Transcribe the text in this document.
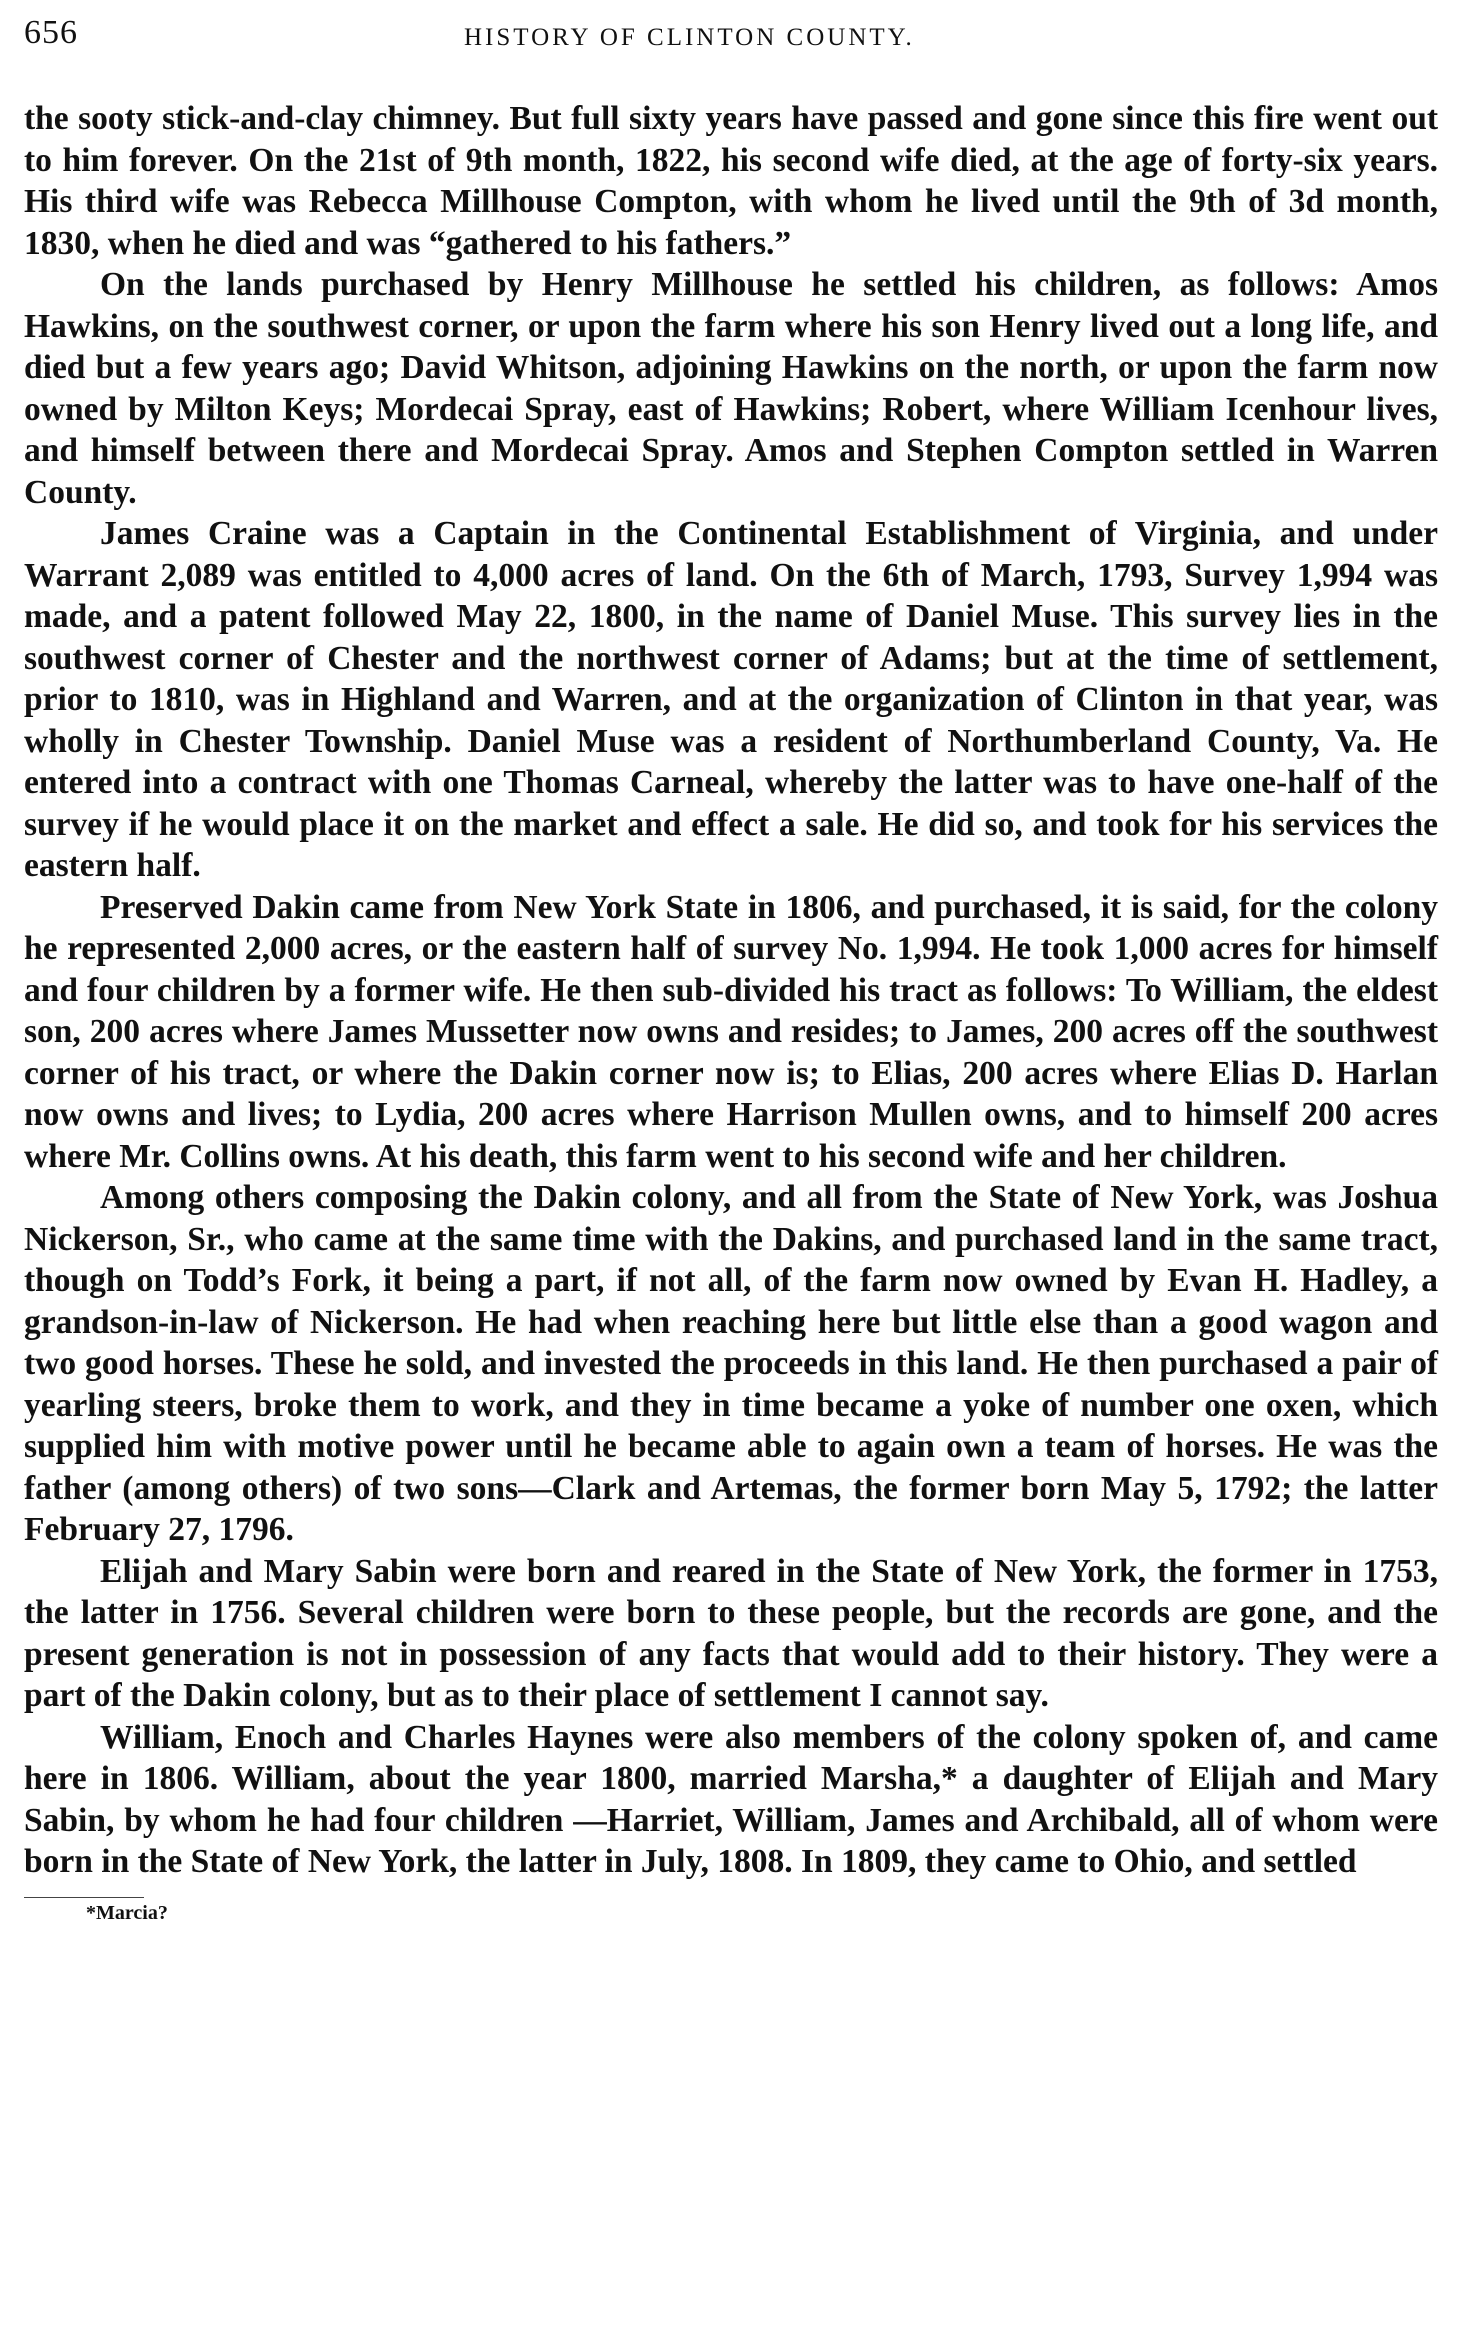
656	HISTORY OF CLINTON COUNTY.

the sooty stick-and-clay chimney. But full sixty years have passed and gone since this fire went out to him forever. On the 21st of 9th month, 1822, his second wife died, at the age of forty-six years. His third wife was Rebecca Millhouse Compton, with whom he lived until the 9th of 3d month, 1830, when he died and was “gathered to his fathers.”

On the lands purchased by Henry Millhouse he settled his children, as follows: Amos Hawkins, on the southwest corner, or upon the farm where his son Henry lived out a long life, and died but a few years ago; David Whitson, adjoining Hawkins on the north, or upon the farm now owned by Milton Keys; Mordecai Spray, east of Hawkins; Robert, where William Icenhour lives, and himself between there and Mordecai Spray. Amos and Stephen Compton settled in Warren County.

James Craine was a Captain in the Continental Establishment of Virginia, and under Warrant 2,089 was entitled to 4,000 acres of land. On the 6th of March, 1793, Survey 1,994 was made, and a patent followed May 22, 1800, in the name of Daniel Muse. This survey lies in the southwest corner of Chester and the northwest corner of Adams; but at the time of settlement, prior to 1810, was in Highland and Warren, and at the organization of Clinton in that year, was wholly in Chester Township. Daniel Muse was a resident of Northumberland County, Va. He entered into a contract with one Thomas Carneal, whereby the latter was to have one-half of the survey if he would place it on the market and effect a sale. He did so, and took for his services the eastern half.

Preserved Dakin came from New York State in 1806, and purchased, it is said, for the colony he represented 2,000 acres, or the eastern half of survey No. 1,994. He took 1,000 acres for himself and four children by a former wife. He then sub-divided his tract as follows: To William, the eldest son, 200 acres where James Mussetter now owns and resides; to James, 200 acres off the southwest corner of his tract, or where the Dakin corner now is; to Elias, 200 acres where Elias D. Harlan now owns and lives; to Lydia, 200 acres where Harrison Mullen owns, and to himself 200 acres where Mr. Collins owns. At his death, this farm went to his second wife and her children.

Among others composing the Dakin colony, and all from the State of New York, was Joshua Nickerson, Sr., who came at the same time with the Dakins, and purchased land in the same tract, though on Todd’s Fork, it being a part, if not all, of the farm now owned by Evan H. Hadley, a grandson-in-law of Nickerson. He had when reaching here but little else than a good wagon and two good horses. These he sold, and invested the proceeds in this land. He then purchased a pair of yearling steers, broke them to work, and they in time became a yoke of number one oxen, which supplied him with motive power until he became able to again own a team of horses. He was the father (among others) of two sons—Clark and Artemas, the former born May 5, 1792; the latter February 27, 1796.

Elijah and Mary Sabin were born and reared in the State of New York, the former in 1753, the latter in 1756. Several children were born to these people, but the records are gone, and the present generation is not in possession of any facts that would add to their history. They were a part of the Dakin colony, but as to their place of settlement I cannot say.

William, Enoch and Charles Haynes were also members of the colony spoken of, and came here in 1806. William, about the year 1800, married Marsha,* a daughter of Elijah and Mary Sabin, by whom he had four children —Harriet, William, James and Archibald, all of whom were born in the State of New York, the latter in July, 1808. In 1809, they came to Ohio, and settled

*Marcia?
